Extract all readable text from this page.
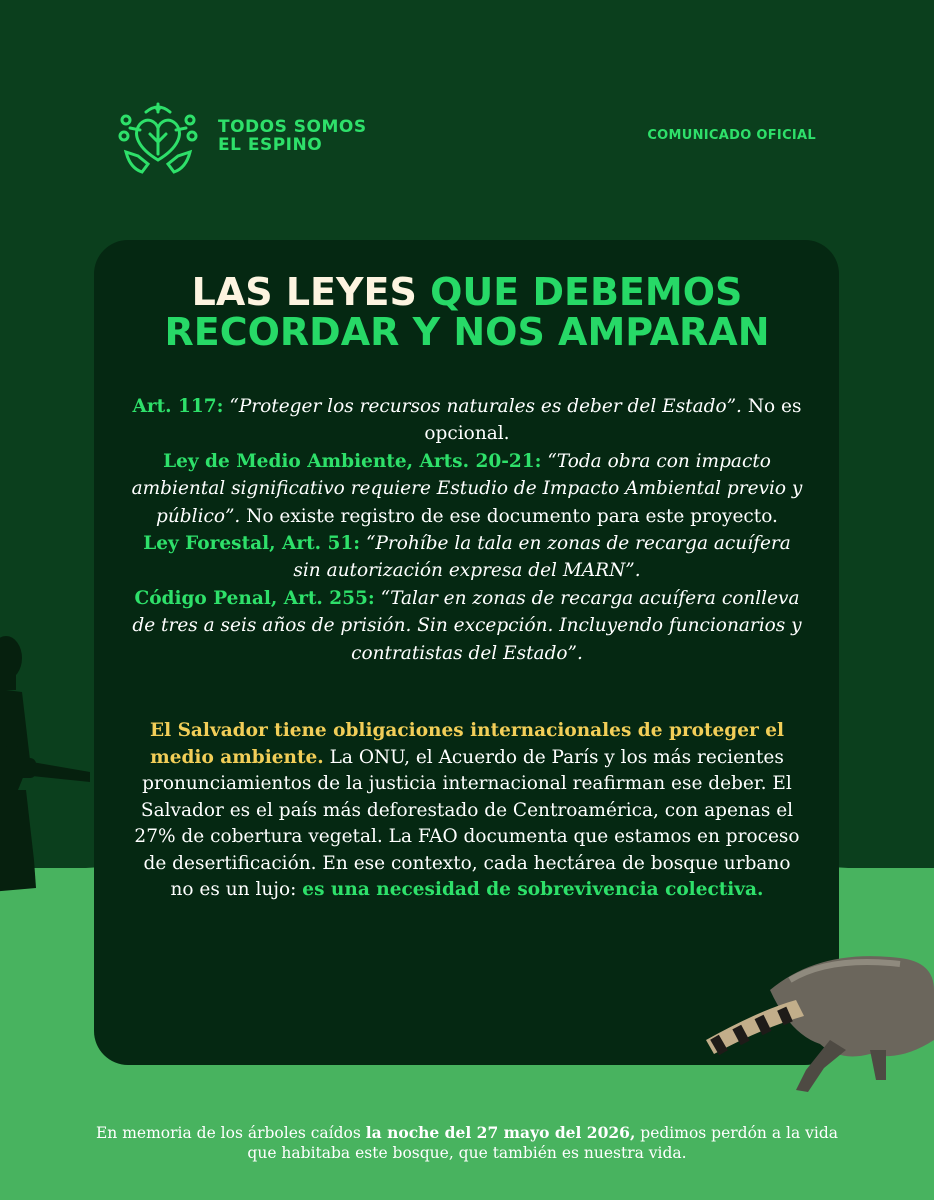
TODOS SOMOS
EL ESPINO	COMUNICADO OFICIAL
LAS LEYES QUE DEBEMOS
RECORDAR Y NOS AMPARAN
Art. 117: “Proteger los recursos naturales es deber del Estado”. No es opcional.
Ley de Medio Ambiente, Arts. 20-21: “Toda obra con impacto ambiental significativo requiere Estudio de Impacto Ambiental previo y público”. No existe registro de ese documento para este proyecto.
Ley Forestal, Art. 51: “Prohíbe la tala en zonas de recarga acuífera sin autorización expresa del MARN”.
Código Penal, Art. 255: “Talar en zonas de recarga acuífera conlleva de tres a seis años de prisión. Sin excepción. Incluyendo funcionarios y contratistas del Estado”.

El Salvador tiene obligaciones internacionales de proteger el medio ambiente. La ONU, el Acuerdo de París y los más recientes pronunciamientos de la justicia internacional reafirman ese deber. El Salvador es el país más deforestado de Centroamérica, con apenas el 27% de cobertura vegetal. La FAO documenta que estamos en proceso de desertificación. En ese contexto, cada hectárea de bosque urbano no es un lujo: es una necesidad de sobrevivencia colectiva.

En memoria de los árboles caídos la noche del 27 mayo del 2026, pedimos perdón a la vida que habitaba este bosque, que también es nuestra vida.
